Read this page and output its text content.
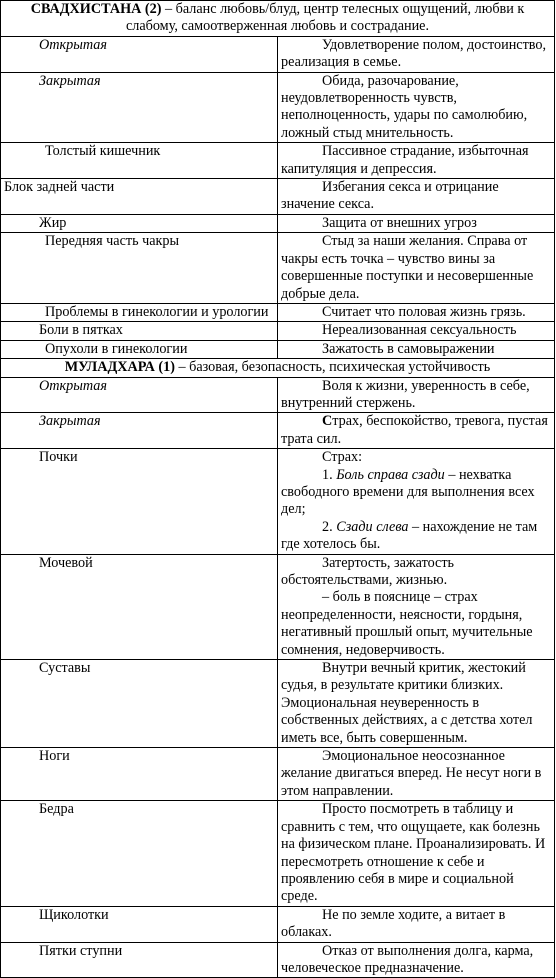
СВАДХИСТАНА (2) – баланс любовь/блуд, центр телесных ощущений, любви к слабому, самоотверженная любовь и сострадание.	
Открытая	Удовлетворение полом, достоинство, реализация в семье.

Закрытая	Обида, разочарование, неудовлетворенность чувств, неполноценность, удары по самолюбию, ложный стыд мнительность.

Толстый кишечник	Пассивное страдание, избыточная капитуляция и депрессия.

Блок задней части	Избегания секса и отрицание значение секса.

Жир	Защита от внешних угроз

Передняя часть чакры	Стыд за наши желания. Справа от чакры есть точка – чувство вины за совершенные поступки и несовершенные добрые дела.

Проблемы в гинекологии и урологии	Считает что половая жизнь грязь.

Боли в пятках	Нереализованная сексуальность

Опухоли в гинекологии	Зажатость в самовыражении

МУЛАДХАРА (1) – базовая, безопасность, психическая устойчивость	
Открытая	Воля к жизни, уверенность в себе, внутренний стержень.

Закрытая	Страх, беспокойство, тревога, пустая трата сил.

Почки	Страх:

1. Боль справа сзади – нехватка свободного времени для выполнения всех дел;

2. Сзади слева – нахождение не там где хотелось бы.

Мочевой	Затертость, зажатость обстоятельствами, жизнью.

– боль в пояснице – страх неопределенности, неясности, гордыня, негативный прошлый опыт, мучительные сомнения, недоверчивость.

Суставы	Внутри вечный критик, жестокий судья, в результате критики близких. Эмоциональная неуверенность в собственных действиях, а с детства хотел иметь все, быть совершенным.

Ноги	Эмоциональное неосознанное желание двигаться вперед. Не несут ноги в этом направлении.

Бедра	Просто посмотреть в таблицу и сравнить с тем, что ощущаете, как болезнь на физическом плане. Проанализировать. И пересмотреть отношение к себе и проявлению себя в мире и социальной среде.

Щиколотки	Не по земле ходите, а витает в облаках.

Пятки ступни	Отказ от выполнения долга, карма, человеческое предназначение.
